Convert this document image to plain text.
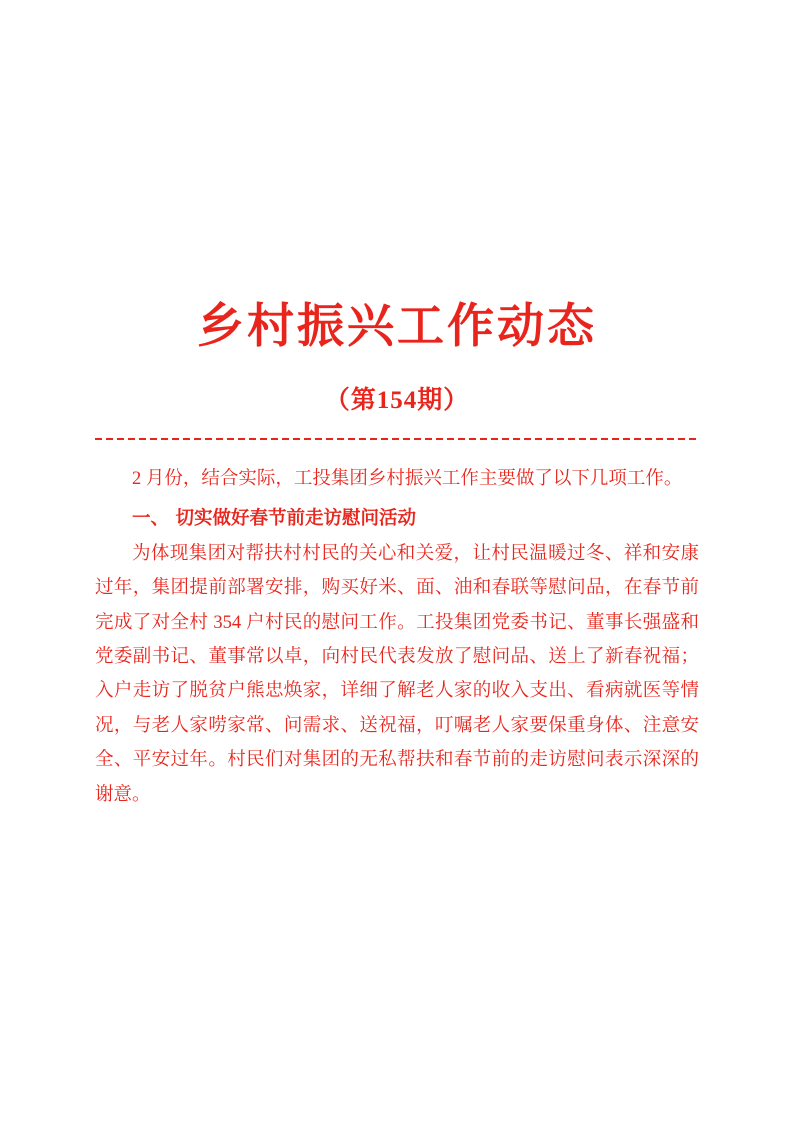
乡村振兴工作动态
（第154期）

2 月份，结合实际，工投集团乡村振兴工作主要做了以下几项工作。

一、 切实做好春节前走访慰问活动

为体现集团对帮扶村村民的关心和关爱，让村民温暖过冬、祥和安康过年，集团提前部署安排，购买好米、面、油和春联等慰问品，在春节前完成了对全村 354 户村民的慰问工作。工投集团党委书记、董事长强盛和党委副书记、董事常以卓，向村民代表发放了慰问品、送上了新春祝福；入户走访了脱贫户熊忠焕家，详细了解老人家的收入支出、看病就医等情况，与老人家唠家常、问需求、送祝福，叮嘱老人家要保重身体、注意安全、平安过年。村民们对集团的无私帮扶和春节前的走访慰问表示深深的谢意。
